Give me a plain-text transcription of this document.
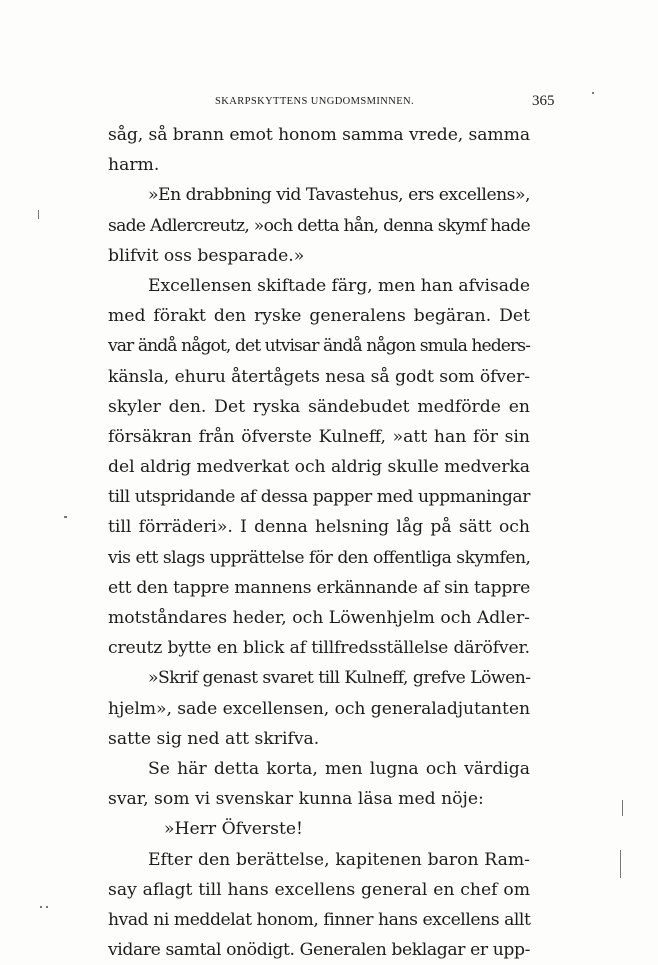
SKARPSKYTTENS UNGDOMSMINNEN.	365
såg, så brann emot honom samma vrede, samma
harm.
»En drabbning vid Tavastehus, ers excellens»,
sade Adlercreutz, »och detta hån, denna skymf hade
blifvit oss besparade.»
Excellensen skiftade färg, men han afvisade
med förakt den ryske generalens begäran. Det
var ändå något, det utvisar ändå någon smula heders-
känsla, ehuru återtågets nesa så godt som öfver-
skyler den. Det ryska sändebudet medförde en
försäkran från öfverste Kulneff, »att han för sin
del aldrig medverkat och aldrig skulle medverka
till utspridande af dessa papper med uppmaningar
till förräderi». I denna helsning låg på sätt och
vis ett slags upprättelse för den offentliga skymfen,
ett den tappre mannens erkännande af sin tappre
motståndares heder, och Löwenhjelm och Adler-
creutz bytte en blick af tillfredsställelse däröfver.
»Skrif genast svaret till Kulneff, grefve Löwen-
hjelm», sade excellensen, och generaladjutanten
satte sig ned att skrifva.
Se här detta korta, men lugna och värdiga
svar, som vi svenskar kunna läsa med nöje:
»Herr Öfverste!
Efter den berättelse, kapitenen baron Ram-
say aflagt till hans excellens general en chef om
hvad ni meddelat honom, finner hans excellens allt
vidare samtal onödigt. Generalen beklagar er upp-
